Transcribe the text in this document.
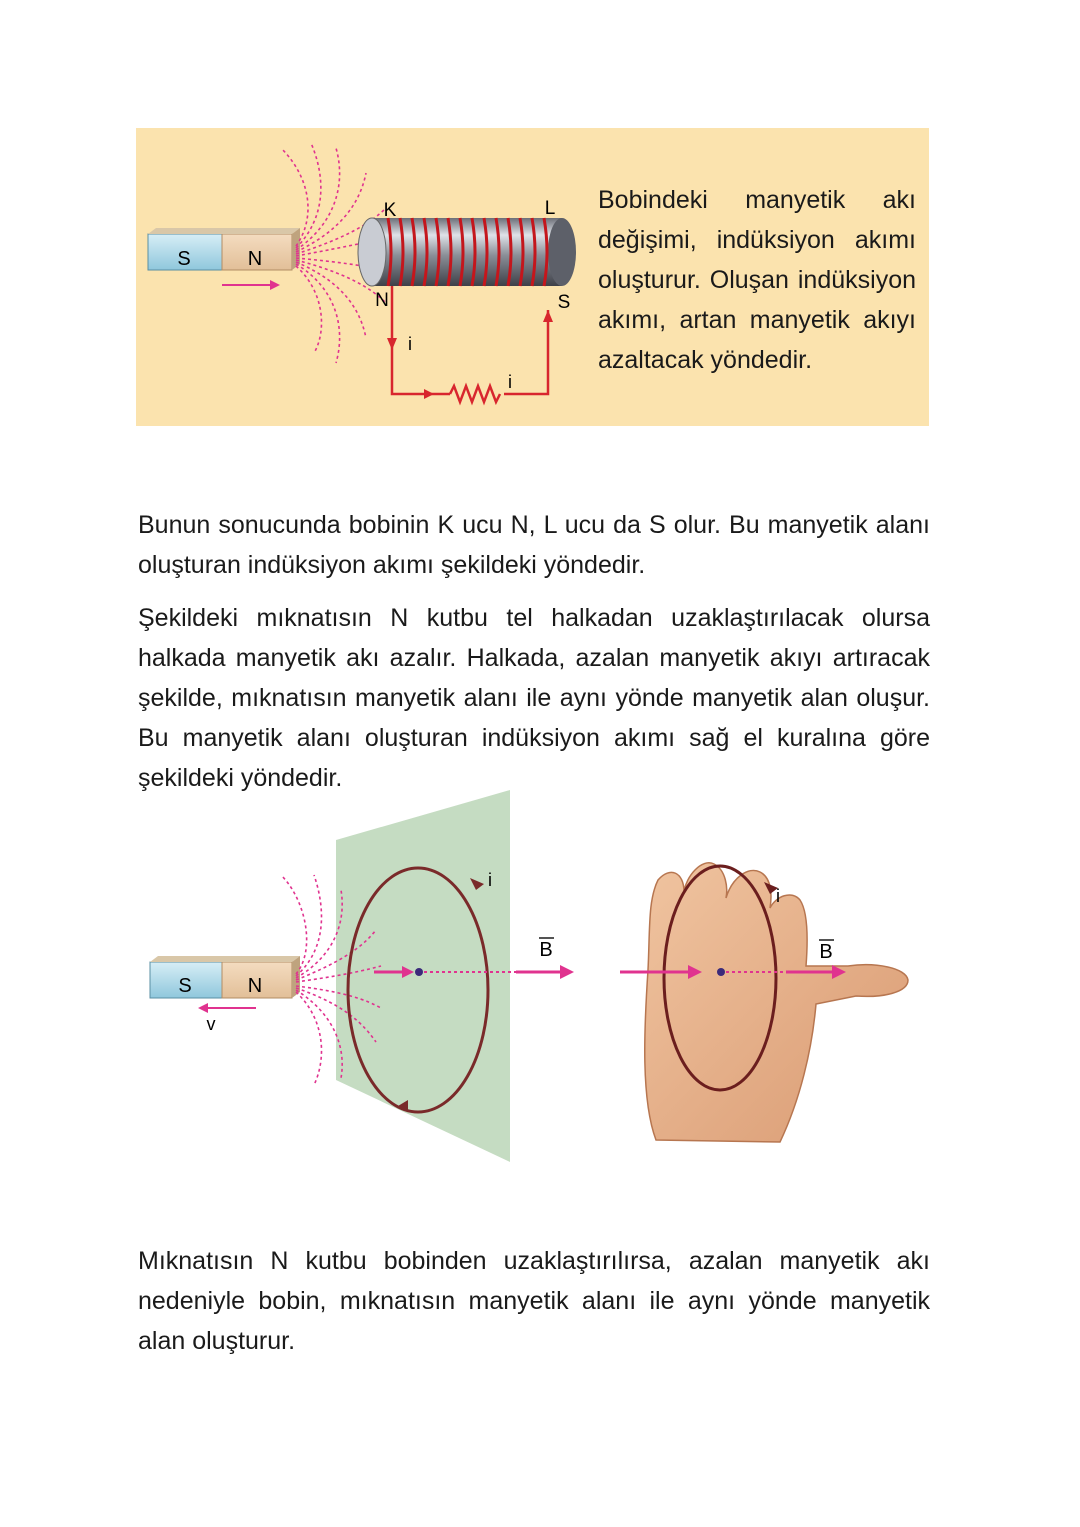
S	N
K	L
N	S
i
i
Bobindeki manyetik akı değişimi, indüksiyon akımı oluşturur. Oluşan indüksiyon akımı, artan manyetik akıyı azaltacak yöndedir.

Bunun sonucunda bobinin K ucu N, L ucu da S olur. Bu manyetik alanı oluşturan indüksiyon akımı şekildeki yöndedir.

Şekildeki mıknatısın N kutbu tel halkadan uzaklaştırılacak olursa halkada manyetik akı azalır. Halkada, azalan manyetik akıyı artıracak şekilde, mıknatısın manyetik alanı ile aynı yönde manyetik alan oluşur. Bu manyetik alanı oluşturan indüksiyon akımı sağ el kuralına göre şekildeki yöndedir.

S	N
v
i
B
i
B

Mıknatısın N kutbu bobinden uzaklaştırılırsa, azalan manyetik akı nedeniyle bobin, mıknatısın manyetik alanı ile aynı yönde manyetik alan oluşturur.
